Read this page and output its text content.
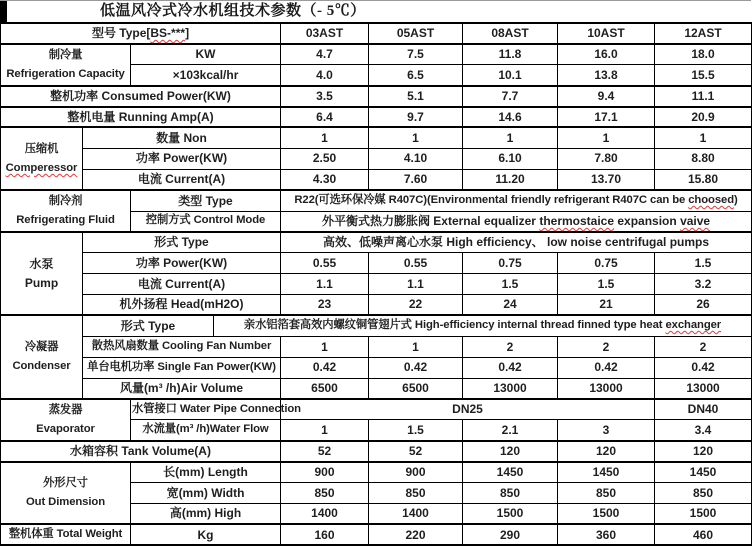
低温风冷式冷水机组技术参数（- 5℃）
型号 Type[BS-***]				03AST	05AST	08AST	10AST	12AST

制冷量
Refrigeration Capacity		KW		4.7	7.5	11.8	16.0	18.0
		×103kcal/hr		4.0	6.5	10.1	13.8	15.5
整机功率 Consumed Power(KW)				3.5	5.1	7.7	9.4	11.1
整机电量 Running Amp(A)				6.4	9.7	14.6	17.1	20.9

压缩机
Comperessor	数量 Non			1	1	1	1	1
	功率 Power(KW)			2.50	4.10	6.10	7.80	8.80
	电流 Current(A)			4.30	7.60	11.20	13.70	15.80

制冷剂
Refrigerating Fluid		类型 Type		R22(可选环保冷媒 R407C)(Environmental friendly refrigerant R407C can be choosed)				
		控制方式 Control Mode		外平衡式热力膨胀阀 External equalizer thermostaice expansion vaive				

水泵
Pump	形式 Type			高效、低噪声离心水泵 High efficiency、 low noise centrifugal pumps				
	功率 Power(KW)			0.55	0.55	0.75	0.75	1.5
	电流 Current(A)			1.1	1.1	1.5	1.5	3.2
	机外扬程 Head(mH2O)			23	22	24	21	26

冷凝器
Condenser	形式 Type		亲水铝箔套高效内螺纹铜管翅片式 High-efficiency internal thread finned type heat exchanger					
	散热风扇数量 Cooling Fan Number			1	1	2	2	2
	单台电机功率 Single Fan Power(KW)			0.42	0.42	0.42	0.42	0.42
	风量(m³ /h)Air Volume			6500	6500	13000	13000	13000

蒸发器
Evaporator		水管接口 Water Pipe Connection		DN25				DN40
		水流量(m³ /h)Water Flow		1	1.5	2.1	3	3.4
水箱容积 Tank Volume(A)				52	52	120	120	120

外形尺寸
Out Dimension		长(mm) Length		900	900	1450	1450	1450
		宽(mm) Width		850	850	850	850	850
		高(mm) High		1400	1400	1500	1500	1500
整机体重 Total Weight		Kg		160	220	290	360	460
